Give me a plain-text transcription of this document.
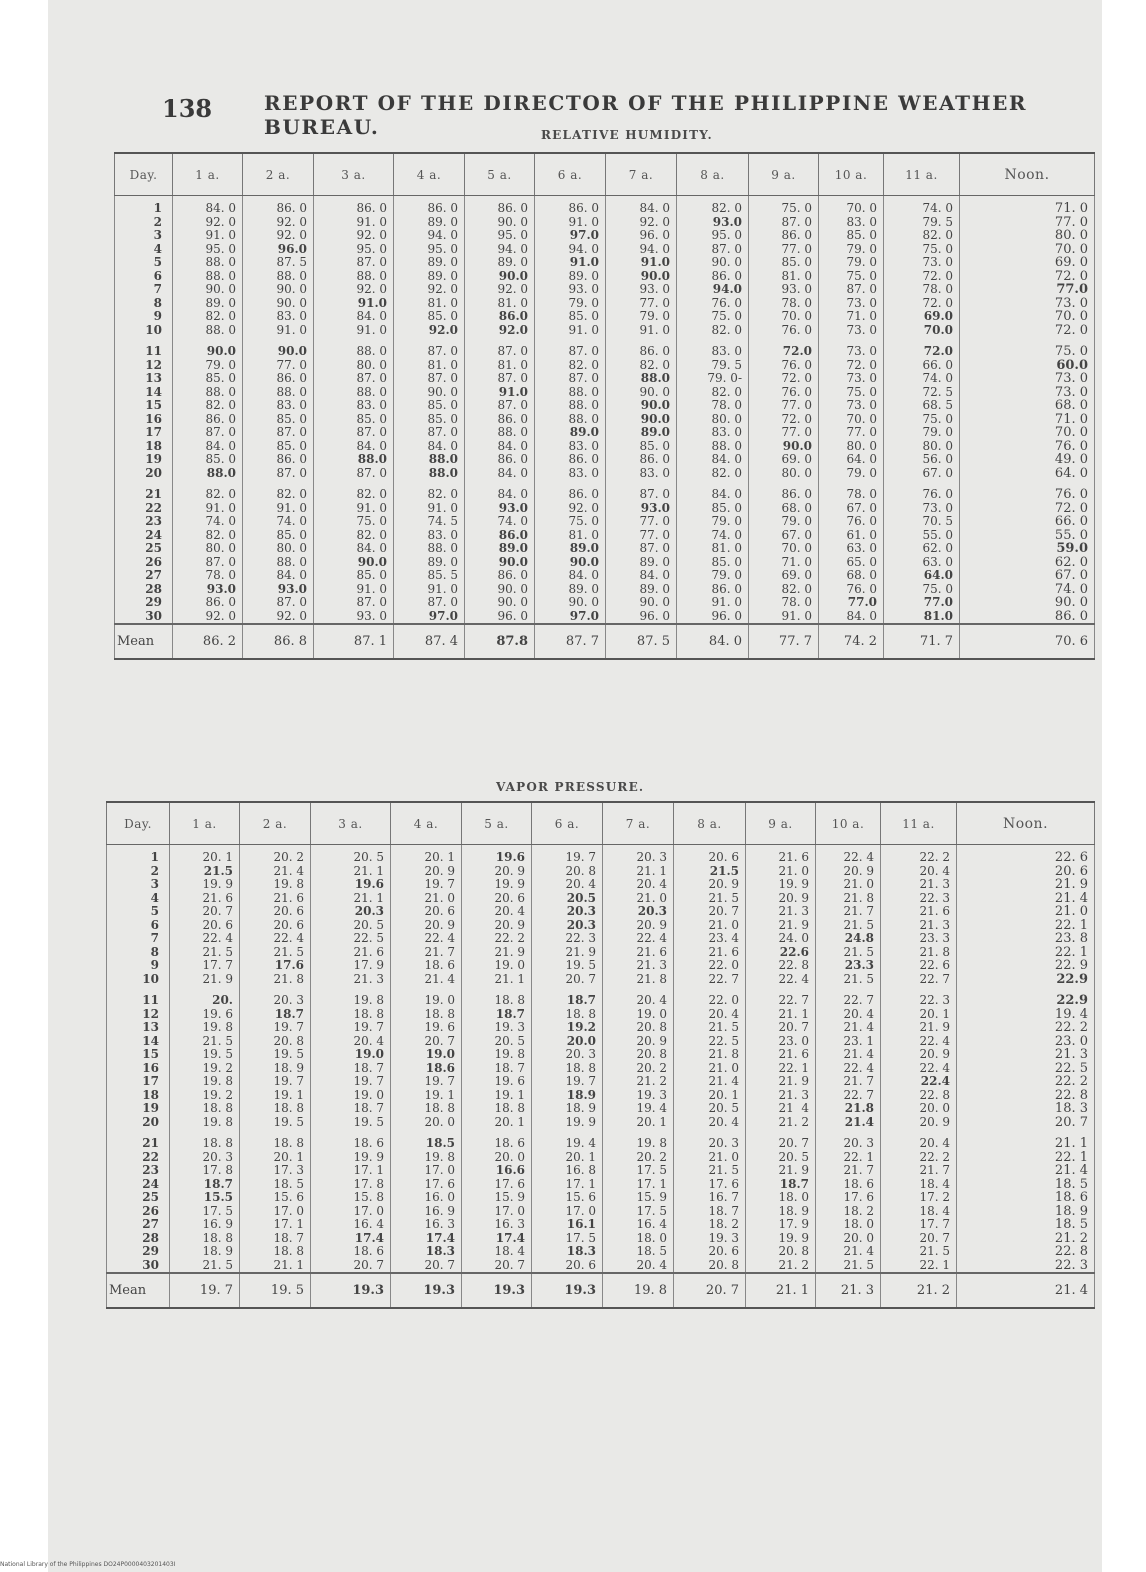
138	REPORT OF THE DIRECTOR OF THE PHILIPPINE WEATHER BUREAU.	RELATIVE HUMIDITY.
Day.	1 a.	2 a.	3 a.	4 a.	5 a.	6 a.	7 a.	8 a.	9 a.	10 a.	11 a.	Noon.
1	84. 0	86. 0	86. 0	86. 0	86. 0	86. 0	84. 0	82. 0	75. 0	70. 0	74. 0	71. 0
2	92. 0	92. 0	91. 0	89. 0	90. 0	91. 0	92. 0	93.0	87. 0	83. 0	79. 5	77. 0
3	91. 0	92. 0	92. 0	94. 0	95. 0	97.0	96. 0	95. 0	86. 0	85. 0	82. 0	80. 0
4	95. 0	96.0	95. 0	95. 0	94. 0	94. 0	94. 0	87. 0	77. 0	79. 0	75. 0	70. 0
5	88. 0	87. 5	87. 0	89. 0	89. 0	91.0	91.0	90. 0	85. 0	79. 0	73. 0	69. 0
6	88. 0	88. 0	88. 0	89. 0	90.0	89. 0	90.0	86. 0	81. 0	75. 0	72. 0	72. 0
7	90. 0	90. 0	92. 0	92. 0	92. 0	93. 0	93. 0	94.0	93. 0	87. 0	78. 0	77.0
8	89. 0	90. 0	91.0	81. 0	81. 0	79. 0	77. 0	76. 0	78. 0	73. 0	72. 0	73. 0
9	82. 0	83. 0	84. 0	85. 0	86.0	85. 0	79. 0	75. 0	70. 0	71. 0	69.0	70. 0
10	88. 0	91. 0	91. 0	92.0	92.0	91. 0	91. 0	82. 0	76. 0	73. 0	70.0	72. 0

11	90.0	90.0	88. 0	87. 0	87. 0	87. 0	86. 0	83. 0	72.0	73. 0	72.0	75. 0
12	79. 0	77. 0	80. 0	81. 0	81. 0	82. 0	82. 0	79. 5	76. 0	72. 0	66. 0	60.0
13	85. 0	86. 0	87. 0	87. 0	87. 0	87. 0	88.0	79. 0-	72. 0	73. 0	74. 0	73. 0
14	88. 0	88. 0	88. 0	90. 0	91.0	88. 0	90. 0	82. 0	76. 0	75. 0	72. 5	73. 0
15	82. 0	83. 0	83. 0	85. 0	87. 0	88. 0	90.0	78. 0	77. 0	73. 0	68. 5	68. 0
16	86. 0	85. 0	85. 0	85. 0	86. 0	88. 0	90.0	80. 0	72. 0	70. 0	75. 0	71. 0
17	87. 0	87. 0	87. 0	87. 0	88. 0	89.0	89.0	83. 0	77. 0	77. 0	79. 0	70. 0
18	84. 0	85. 0	84. 0	84. 0	84. 0	83. 0	85. 0	88. 0	90.0	80. 0	80. 0	76. 0
19	85. 0	86. 0	88.0	88.0	86. 0	86. 0	86. 0	84. 0	69. 0	64. 0	56. 0	49. 0
20	88.0	87. 0	87. 0	88.0	84. 0	83. 0	83. 0	82. 0	80. 0	79. 0	67. 0	64. 0

21	82. 0	82. 0	82. 0	82. 0	84. 0	86. 0	87. 0	84. 0	86. 0	78. 0	76. 0	76. 0
22	91. 0	91. 0	91. 0	91. 0	93.0	92. 0	93.0	85. 0	68. 0	67. 0	73. 0	72. 0
23	74. 0	74. 0	75. 0	74. 5	74. 0	75. 0	77. 0	79. 0	79. 0	76. 0	70. 5	66. 0
24	82. 0	85. 0	82. 0	83. 0	86.0	81. 0	77. 0	74. 0	67. 0	61. 0	55. 0	55. 0
25	80. 0	80. 0	84. 0	88. 0	89.0	89.0	87. 0	81. 0	70. 0	63. 0	62. 0	59.0
26	87. 0	88. 0	90.0	89. 0	90.0	90.0	89. 0	85. 0	71. 0	65. 0	63. 0	62. 0
27	78. 0	84. 0	85. 0	85. 5	86. 0	84. 0	84. 0	79. 0	69. 0	68. 0	64.0	67. 0
28	93.0	93.0	91. 0	91. 0	90. 0	89. 0	89. 0	86. 0	82. 0	76. 0	75. 0	74. 0
29	86. 0	87. 0	87. 0	87. 0	90. 0	90. 0	90. 0	91. 0	78. 0	77.0	77.0	90. 0
30	92. 0	92. 0	93. 0	97.0	96. 0	97.0	96. 0	96. 0	91. 0	84. 0	81.0	86. 0
Mean	86. 2	86. 8	87. 1	87. 4	87.8	87. 7	87. 5	84. 0	77. 7	74. 2	71. 7	70. 6
VAPOR PRESSURE.
Day.	1 a.	2 a.	3 a.	4 a.	5 a.	6 a.	7 a.	8 a.	9 a.	10 a.	11 a.	Noon.
1	20. 1	20. 2	20. 5	20. 1	19.6	19. 7	20. 3	20. 6	21. 6	22. 4	22. 2	22. 6
2	21.5	21. 4	21. 1	20. 9	20. 9	20. 8	21. 1	21.5	21. 0	20. 9	20. 4	20. 6
3	19. 9	19. 8	19.6	19. 7	19. 9	20. 4	20. 4	20. 9	19. 9	21. 0	21. 3	21. 9
4	21. 6	21. 6	21. 1	21. 0	20. 6	20.5	21. 0	21. 5	20. 9	21. 8	22. 3	21. 4
5	20. 7	20. 6	20.3	20. 6	20. 4	20.3	20.3	20. 7	21. 3	21. 7	21. 6	21. 0
6	20. 6	20. 6	20. 5	20. 9	20. 9	20.3	20. 9	21. 0	21. 9	21. 5	21. 3	22. 1
7	22. 4	22. 4	22. 5	22. 4	22. 2	22. 3	22. 4	23. 4	24. 0	24.8	23. 3	23. 8
8	21. 5	21. 5	21. 6	21. 7	21. 9	21. 9	21. 6	21. 6	22.6	21. 5	21. 8	22. 1
9	17. 7	17.6	17. 9	18. 6	19. 0	19. 5	21. 3	22. 0	22. 8	23.3	22. 6	22. 9
10	21. 9	21. 8	21. 3	21. 4	21. 1	20. 7	21. 8	22. 7	22. 4	21. 5	22. 7	22.9

11	20.	20. 3	19. 8	19. 0	18. 8	18.7	20. 4	22. 0	22. 7	22. 7	22. 3	22.9
12	19. 6	18.7	18. 8	18. 8	18.7	18. 8	19. 0	20. 4	21. 1	20. 4	20. 1	19. 4
13	19. 8	19. 7	19. 7	19. 6	19. 3	19.2	20. 8	21. 5	20. 7	21. 4	21. 9	22. 2
14	21. 5	20. 8	20. 4	20. 7	20. 5	20.0	20. 9	22. 5	23. 0	23. 1	22. 4	23. 0
15	19. 5	19. 5	19.0	19.0	19. 8	20. 3	20. 8	21. 8	21. 6	21. 4	20. 9	21. 3
16	19. 2	18. 9	18. 7	18.6	18. 7	18. 8	20. 2	21. 0	22. 1	22. 4	22. 4	22. 5
17	19. 8	19. 7	19. 7	19. 7	19. 6	19. 7	21. 2	21. 4	21. 9	21. 7	22.4	22. 2
18	19. 2	19. 1	19. 0	19. 1	19. 1	18.9	19. 3	20. 1	21. 3	22. 7	22. 8	22. 8
19	18. 8	18. 8	18. 7	18. 8	18. 8	18. 9	19. 4	20. 5	21  4	21.8	20. 0	18. 3
20	19. 8	19. 5	19. 5	20. 0	20. 1	19. 9	20. 1	20. 4	21. 2	21.4	20. 9	20. 7

21	18. 8	18. 8	18. 6	18.5	18. 6	19. 4	19. 8	20. 3	20. 7	20. 3	20. 4	21. 1
22	20. 3	20. 1	19. 9	19. 8	20. 0	20. 1	20. 2	21. 0	20. 5	22. 1	22. 2	22. 1
23	17. 8	17. 3	17. 1	17. 0	16.6	16. 8	17. 5	21. 5	21. 9	21. 7	21. 7	21. 4
24	18.7	18. 5	17. 8	17. 6	17. 6	17. 1	17. 1	17. 6	18.7	18. 6	18. 4	18. 5
25	15.5	15. 6	15. 8	16. 0	15. 9	15. 6	15. 9	16. 7	18. 0	17. 6	17. 2	18. 6
26	17. 5	17. 0	17. 0	16. 9	17. 0	17. 0	17. 5	18. 7	18. 9	18. 2	18. 4	18. 9
27	16. 9	17. 1	16. 4	16. 3	16. 3	16.1	16. 4	18. 2	17. 9	18. 0	17. 7	18. 5
28	18. 8	18. 7	17.4	17.4	17.4	17. 5	18. 0	19. 3	19. 9	20. 0	20. 7	21. 2
29	18. 9	18. 8	18. 6	18.3	18. 4	18.3	18. 5	20. 6	20. 8	21. 4	21. 5	22. 8
30	21. 5	21. 1	20. 7	20. 7	20. 7	20. 6	20. 4	20. 8	21. 2	21. 5	22. 1	22. 3
Mean	19. 7	19. 5	19.3	19.3	19.3	19.3	19. 8	20. 7	21. 1	21. 3	21. 2	21. 4
National Library of the Philippines DO24P0000403201403I
